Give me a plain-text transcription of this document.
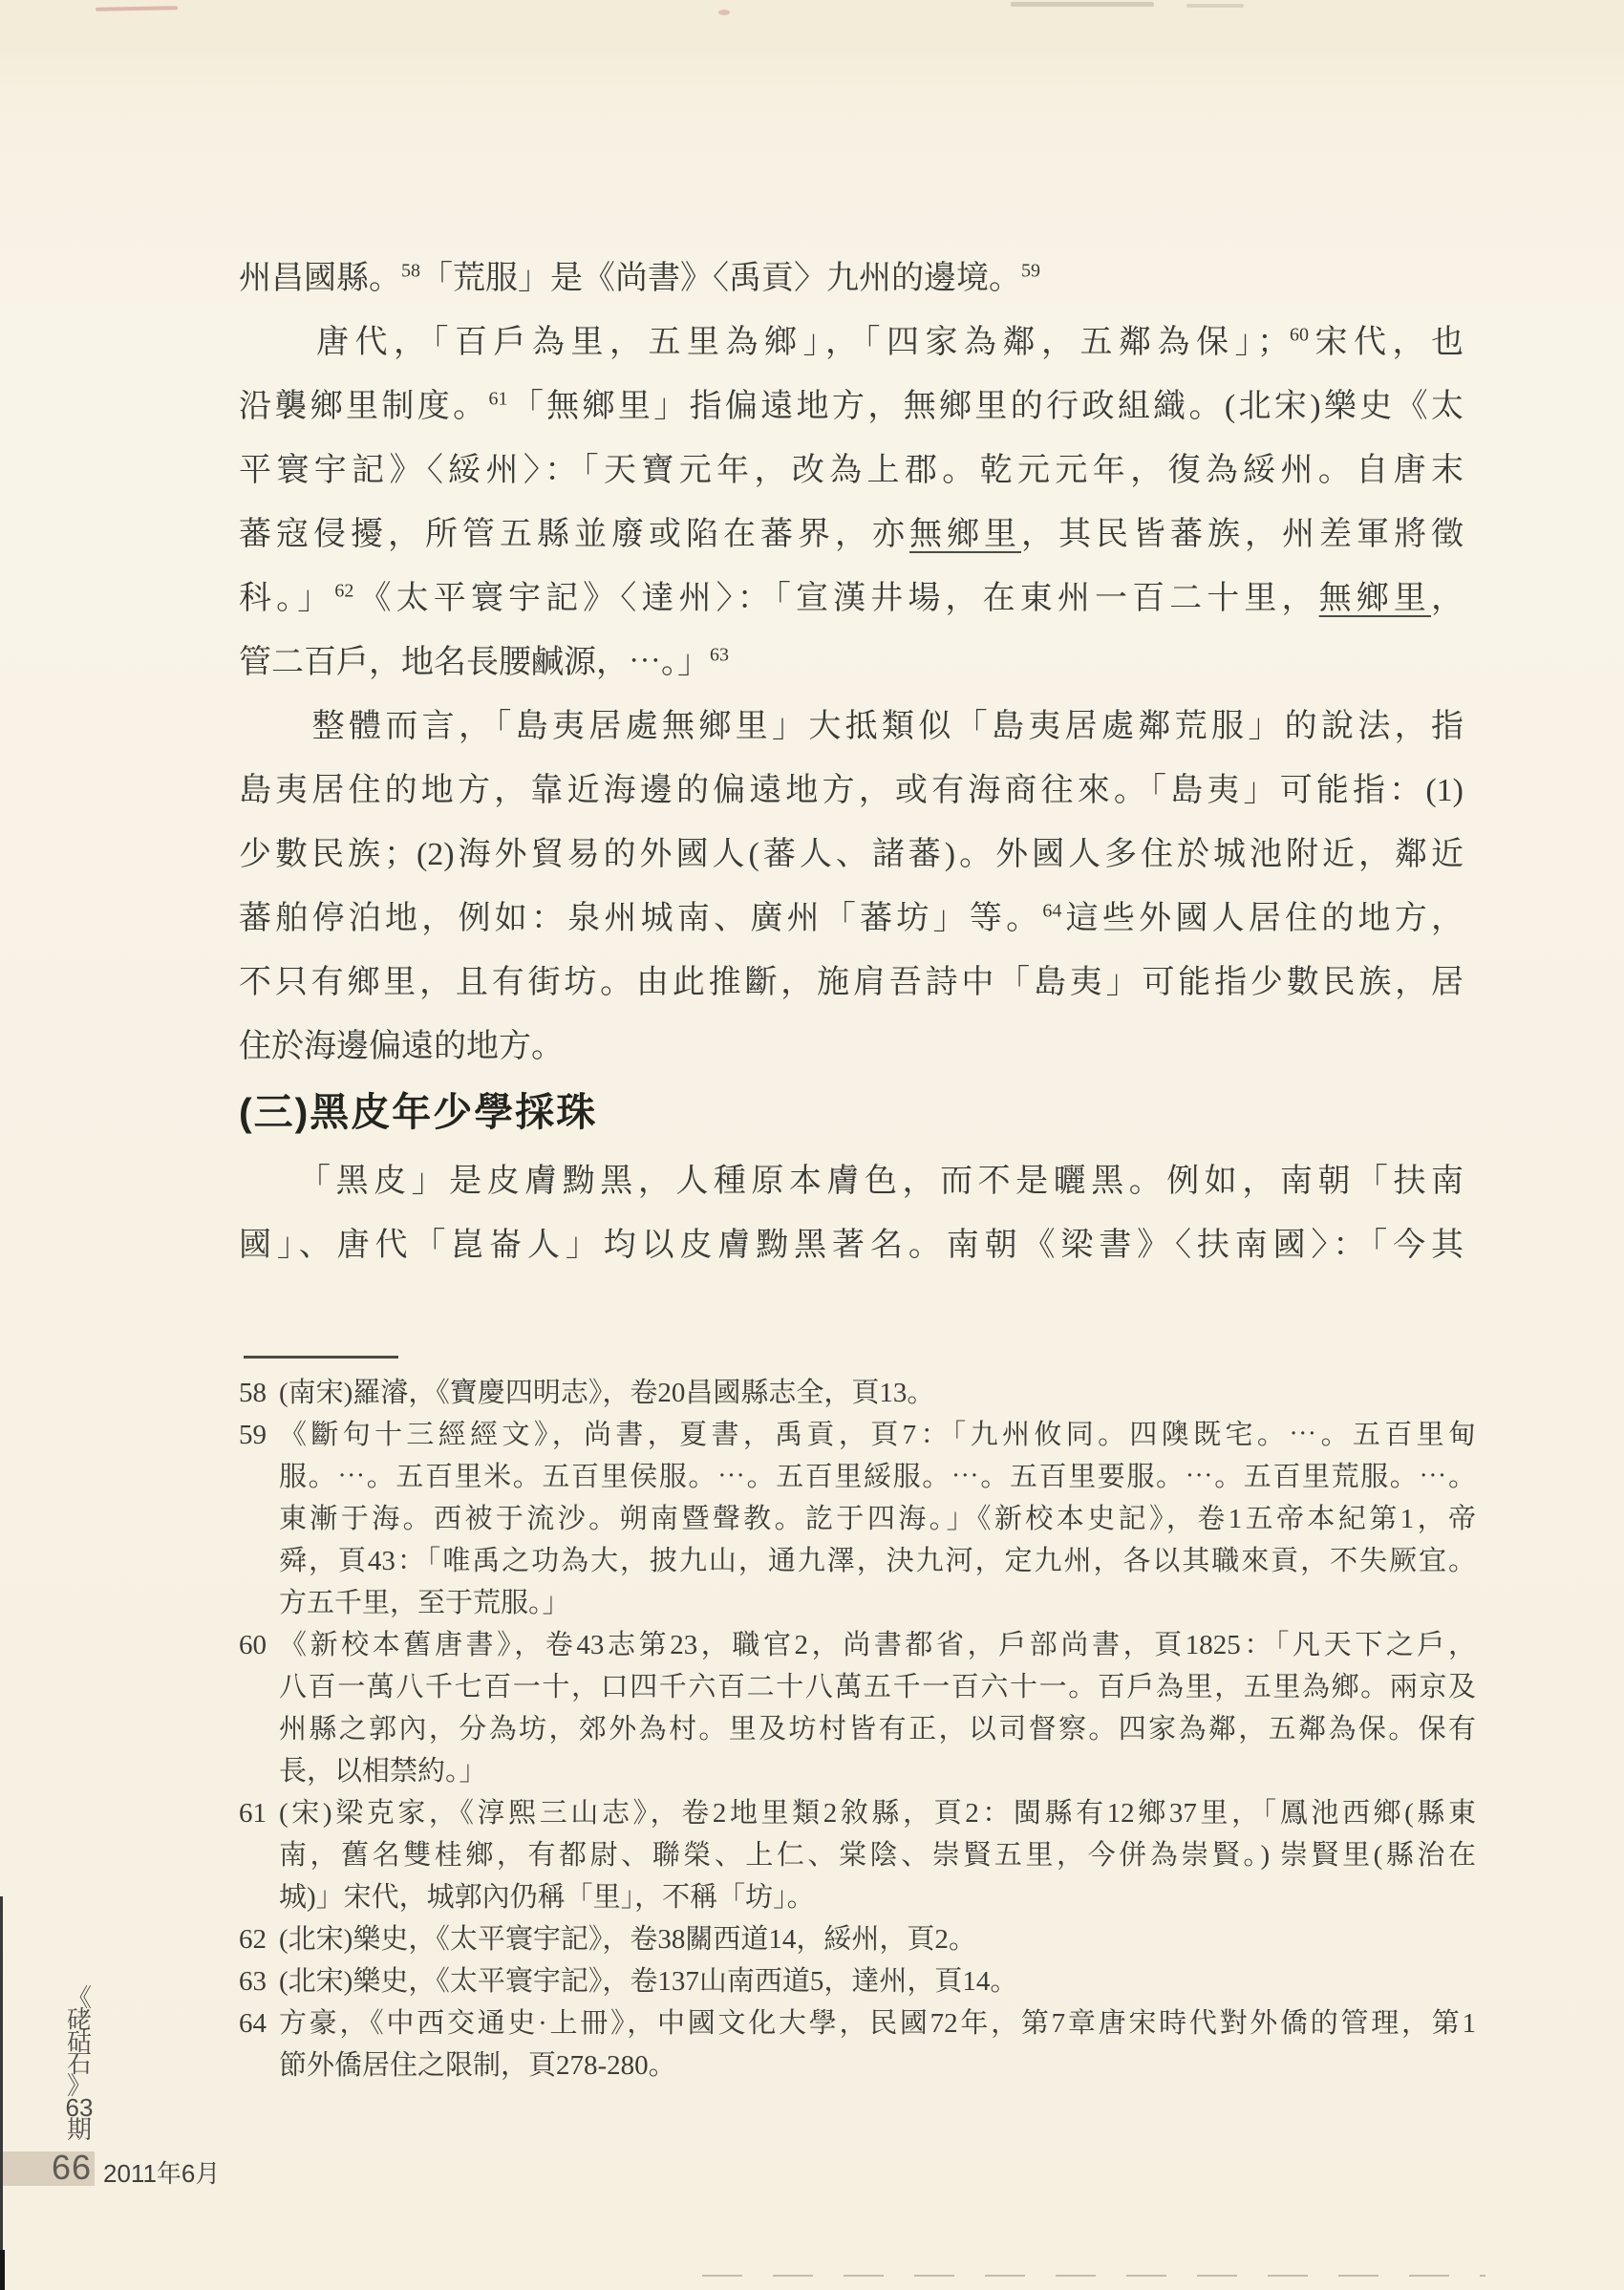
州昌國縣。$^{58}$「荒服」是《尚書》〈禹貢〉九州的邊境。$^{59}$
　　唐代，「百戶為里，五里為鄉」，「四家為鄰，五鄰為保」；$^{60}$宋代，也
沿襲鄉里制度。$^{61}$「無鄉里」指偏遠地方，無鄉里的行政組織。(北宋)樂史《太
平寰宇記》〈綏州〉：「天寶元年，改為上郡。乾元元年，復為綏州。自唐末
蕃寇侵擾，所管五縣並廢或陷在蕃界，亦無鄉里，其民皆蕃族，州差軍將徵
科。」$^{62}$《太平寰宇記》〈達州〉：「宣漢井場，在東州一百二十里，無鄉里，
管二百戶，地名長腰鹹源，⋯。」$^{63}$
　　整體而言，「島夷居處無鄉里」大抵類似「島夷居處鄰荒服」的說法，指
島夷居住的地方，靠近海邊的偏遠地方，或有海商往來。「島夷」可能指：(1)
少數民族；(2)海外貿易的外國人(蕃人、諸蕃)。外國人多住於城池附近，鄰近
蕃舶停泊地，例如：泉州城南、廣州「蕃坊」等。$^{64}$這些外國人居住的地方，
不只有鄉里，且有街坊。由此推斷，施肩吾詩中「島夷」可能指少數民族，居
住於海邊偏遠的地方。
(三)黑皮年少學採珠
　　「黑皮」是皮膚黝黑，人種原本膚色，而不是曬黑。例如，南朝「扶南
國」、唐代「崑崙人」均以皮膚黝黑著名。南朝《梁書》〈扶南國〉：「今其
58 (南宋)羅濬，《寶慶四明志》，卷20昌國縣志全，頁13。
59 《斷句十三經經文》，尚書，夏書，禹貢，頁7：「九州攸同。四隩既宅。⋯。五百里甸
服。⋯。五百里米。五百里侯服。⋯。五百里綏服。⋯。五百里要服。⋯。五百里荒服。⋯。
東漸于海。西被于流沙。朔南暨聲教。訖于四海。」《新校本史記》，卷1五帝本紀第1，帝
舜，頁43：「唯禹之功為大，披九山，通九澤，決九河，定九州，各以其職來貢，不失厥宜。
方五千里，至于荒服。」
60 《新校本舊唐書》，卷43志第23，職官2，尚書都省，戶部尚書，頁1825：「凡天下之戶，
八百一萬八千七百一十，口四千六百二十八萬五千一百六十一。百戶為里，五里為鄉。兩京及
州縣之郭內，分為坊，郊外為村。里及坊村皆有正，以司督察。四家為鄰，五鄰為保。保有
長，以相禁約。」
61 (宋)梁克家，《淳熙三山志》，卷2地里類2敘縣，頁2：閩縣有12鄉37里，「鳳池西鄉(縣東
南，舊名雙桂鄉，有都尉、聯榮、上仁、棠陰、崇賢五里，今併為崇賢。) 崇賢里(縣治在
城)」宋代，城郭內仍稱「里」，不稱「坊」。
62 (北宋)樂史，《太平寰宇記》，卷38關西道14，綏州，頁2。
63 (北宋)樂史，《太平寰宇記》，卷137山南西道5，達州，頁14。
64 方豪，《中西交通史·上冊》，中國文化大學，民國72年，第7章唐宋時代對外僑的管理，第1
節外僑居住之限制，頁278-280。
《
硓
𥑮
石
》
63
期
66 2011年6月
